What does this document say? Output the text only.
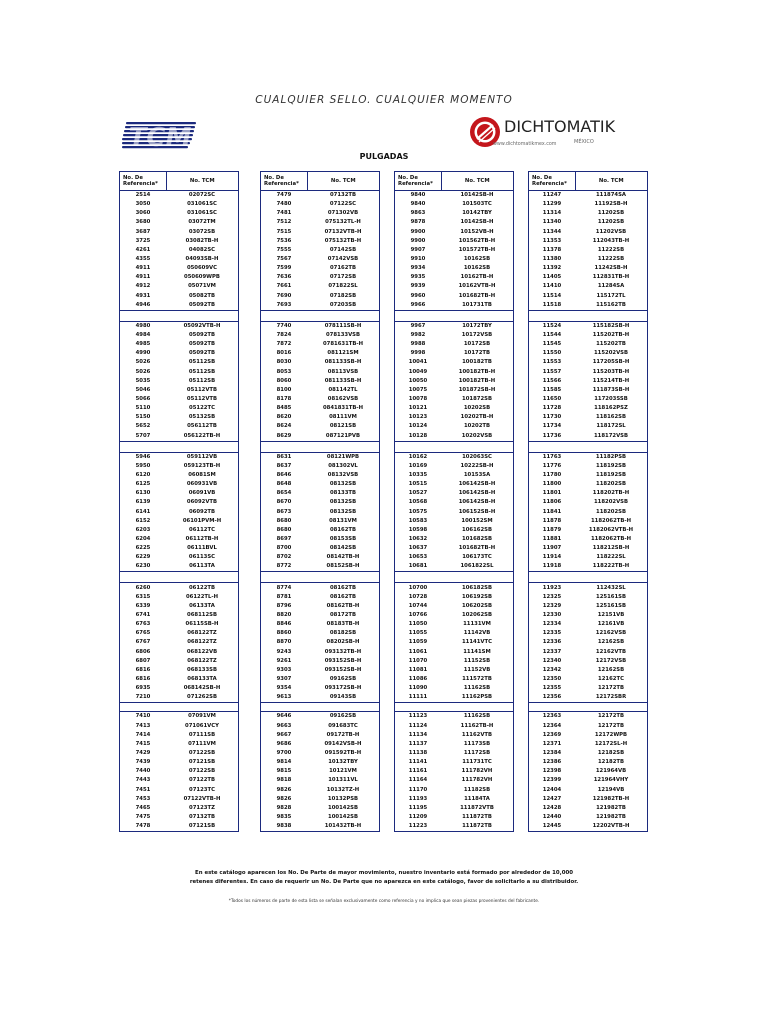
CUALQUIER SELLO. CUALQUIER MOMENTO
TCM	DICHTOMATIK
www.dichtomatikmex.com	MÉXICO
PULGADAS
No. De Referencia*	No. TCM
2514	02072SC
3050	031061SC
3060	031061SC
3680	03072TM
3687	03072SB
3725	03082TB-H
4261	04082SC
4355	04093SB-H
4911	050609VC
4911	050609WPB
4912	05071VM
4931	05082TB
4946	05092TB

4980	05092VTB-H
4984	05092TB
4985	05092TB
4990	05092TB
5026	05112SB
5026	05112SB
5035	05112SB
5046	05112VTB
5066	05112VTB
5110	05122TC
5150	05132SB
5652	056112TB
5707	056122TB-H

5946	059112VB
5950	059123TB-H
6120	06081SM
6125	060931VB
6130	06091VB
6139	06092VTB
6141	06092TB
6152	06101PVM-H
6203	06112TC
6204	06112TB-H
6225	06111BVL
6229	06113SC
6230	06113TA

6260	06122TB
6315	06122TL-H
6339	06133TA
6741	068112SB
6763	06115SB-H
6765	068122TZ
6767	068122TZ
6806	068122VB
6807	068122TZ
6816	068133SB
6816	068133TA
6935	068142SB-H
7210	071262SB

7410	07091VM
7413	071061VCY
7414	07111SB
7415	07111VM
7429	07122SB
7439	07121SB
7440	07122SB
7443	07122TB
7451	07123TC
7453	07122VTB-H
7465	07123TZ
7475	07132TB
7478	07121SB
No. De Referencia*	No. TCM
7479	07132TB
7480	07122SC
7481	071302VB
7512	075132TL-H
7515	07132VTB-H
7536	075132TB-H
7555	07142SB
7567	07142VSB
7599	07162TB
7636	07172SB
7661	071822SL
7690	07182SB
7693	07203SB

7740	078111SB-H
7824	078133VSB
7872	0781631TB-H
8016	081121SM
8030	081133SB-H
8053	08113VSB
8060	081133SB-H
8100	081142TL
8178	08162VSB
8485	0841831TB-H
8620	08111VM
8624	08121SB
8629	087121PVB

8631	08121WPB
8637	081302VL
8646	08132VSB
8648	08132SB
8654	08133TB
8670	08132SB
8673	08132SB
8680	08131VM
8680	08162TB
8697	08153SB
8700	08142SB
8702	08142TB-H
8772	08152SB-H

8774	08162TB
8781	08162TB
8796	08162TB-H
8820	08172TB
8846	08183TB-H
8860	08182SB
8870	08202SB-H
9243	093132TB-H
9261	093152SB-H
9303	093152SB-H
9307	09162SB
9354	093172SB-H
9613	09143SB

9646	09162SB
9663	091683TC
9667	09172TB-H
9686	09142VSB-H
9700	091592TB-H
9814	10132TBY
9815	10121VM
9818	101311VL
9826	10132TZ-H
9826	10132PSB
9828	100142SB
9835	100142SB
9838	101432TB-H
No. De Referencia*	No. TCM
9840	10142SB-H
9840	101503TC
9863	10142TBY
9878	10142SB-H
9900	10152VB-H
9900	101562TB-H
9907	101572TB-H
9910	10162SB
9934	10162SB
9935	10162TB-H
9939	10162VTB-H
9960	101682TB-H
9966	101731TB

9967	10172TBY
9982	10172VSB
9988	10172SB
9998	10172TB
10041	100182TB
10049	100182TB-H
10050	100182TB-H
10075	101872SB-H
10078	101872SB
10121	10202SB
10123	10202TB-H
10124	10202TB
10128	10202VSB

10162	102063SC
10169	10222SB-H
10335	10153SA
10515	106142SB-H
10527	106142SB-H
10568	106142SB-H
10575	106152SB-H
10583	100152SM
10598	106162SB
10632	101682SB
10637	101682TB-H
10653	106173TC
10681	1061822SL

10700	106182SB
10728	106192SB
10744	106202SB
10766	102062SB
11050	11131VM
11055	11142VB
11059	11141VTC
11061	11141SM
11070	11152SB
11081	11152VB
11086	111572TB
11090	11162SB
11111	11162PSB

11123	11162SB
11124	11162TB-H
11134	11162VTB
11137	11173SB
11138	11172SB
11141	111731TC
11161	111782VH
11164	111782VH
11170	11182SB
11193	11184TA
11195	111872VTB
11209	111872TB
11223	111872TB
No. De Referencia*	No. TCM
11247	111874SA
11299	11192SB-H
11314	11202SB
11340	11202SB
11344	11202VSB
11353	112043TB-H
11378	11222SB
11380	11222SB
11392	11242SB-H
11405	112831TB-H
11410	11284SA
11514	115172TL
11518	115162TB

11524	115182SB-H
11544	115202TB-H
11545	115202TB
11550	115202VSB
11553	117205SB-H
11557	115203TB-H
11566	115214TB-H
11585	111873SB-H
11650	117203SSB
11728	118162PSZ
11730	118162SB
11734	118172SL
11736	118172VSB

11763	11182PSB
11776	118192SB
11780	118192SB
11800	118202SB
11801	118202TB-H
11806	118202VSB
11841	118202SB
11878	1182062TB-H
11879	1182062VTB-H
11881	1182062TB-H
11907	118212SB-H
11914	118222SL
11918	118222TB-H

11923	112432SL
12325	125161SB
12329	125161SB
12330	12151VB
12334	12161VB
12335	12162VSB
12336	12162SB
12337	12162VTB
12340	12172VSB
12342	12162SB
12350	12162TC
12355	12172TB
12356	12172SBR

12363	12172TB
12364	12172TB
12369	12172WPB
12371	12172SL-H
12384	12182SB
12386	12182TB
12398	121964VB
12399	121964VHY
12404	12194VB
12427	121982TB-H
12428	121982TB
12440	121982TB
12445	12202VTB-H
En este catálogo aparecen los No. De Parte de mayor movimiento, nuestro inventario está formado por alrededor de 10,000
retenes diferentes. En caso de requerir un No. De Parte que no aparezca en este catálogo, favor de solicitarlo a su distribuidor.
*Todos los números de parte de esta lista se señalan exclusivamente como referencia y no implica que sean piezas provenientes del fabricante.
